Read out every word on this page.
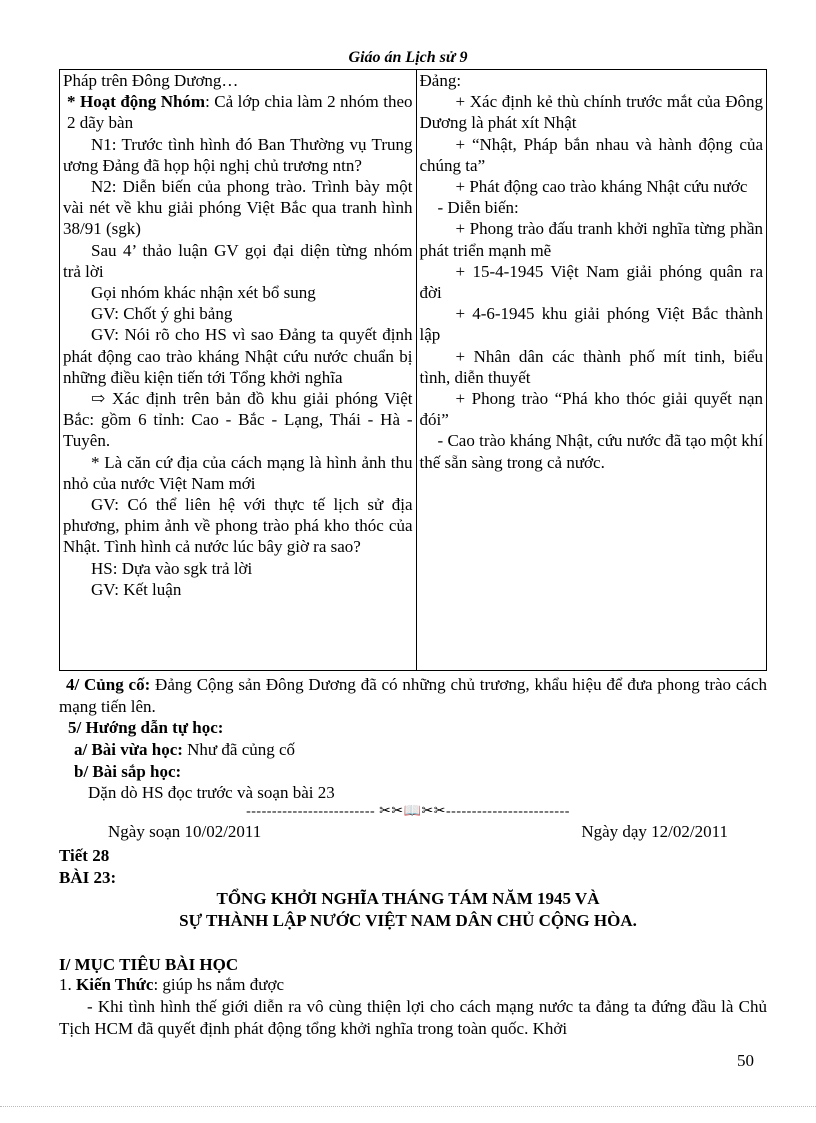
Giáo án Lịch sử 9
Pháp trên Đông Dương…
* Hoạt động Nhóm: Cả lớp chia làm 2 nhóm theo 2 dãy bàn
N1: Trước tình hình đó Ban Thường vụ Trung ương Đảng đã họp hội nghị chủ trương ntn?
N2: Diễn biến của phong trào. Trình bày một vài nét về khu giải phóng Việt Bắc qua tranh hình 38/91 (sgk)
Sau 4’ thảo luận GV gọi đại diện từng nhóm trả lời
Gọi nhóm khác nhận xét bổ sung
GV: Chốt ý ghi bảng
GV: Nói rõ cho HS vì sao Đảng ta quyết định phát động cao trào kháng Nhật cứu nước chuẩn bị những điều kiện tiến tới Tổng khởi nghĩa
⇨ Xác định trên bản đồ khu giải phóng Việt Bắc: gồm 6 tỉnh: Cao - Bắc - Lạng, Thái - Hà - Tuyên.
* Là căn cứ địa của cách mạng là hình ảnh thu nhỏ của nước Việt Nam mới
GV: Có thể liên hệ với thực tế lịch sử địa phương, phim ảnh về phong trào phá kho thóc của Nhật. Tình hình cả nước lúc bây giờ ra sao?
HS: Dựa vào sgk trả lời
GV: Kết luận

Đảng:
+ Xác định kẻ thù chính trước mắt của Đông Dương là phát xít Nhật
+ “Nhật, Pháp bắn nhau và hành động của chúng ta”
+ Phát động cao trào kháng Nhật cứu nước
- Diễn biến:
+ Phong trào đấu tranh khởi nghĩa từng phần phát triển mạnh mẽ
+ 15-4-1945 Việt Nam giải phóng quân ra đời
+ 4-6-1945 khu giải phóng Việt Bắc thành lập
+ Nhân dân các thành phố mít tinh, biểu tình, diễn thuyết
+ Phong trào “Phá kho thóc giải quyết nạn đói”
- Cao trào kháng Nhật, cứu nước đã tạo một khí thế sẵn sàng trong cả nước.
4/ Củng cố: Đảng Cộng sản Đông Dương đã có những chủ trương, khẩu hiệu để đưa phong trào cách mạng tiến lên.
5/ Hướng dẫn tự học:
a/ Bài vừa học: Như đã củng cố
b/ Bài sắp học:
Dặn dò HS đọc trước và soạn bài 23
------------------------- ✂✂📖✂✂------------------------
Ngày soạn 10/02/2011	Ngày dạy 12/02/2011
Tiết 28
BÀI 23:
TỔNG KHỞI NGHĨA THÁNG TÁM NĂM 1945 VÀ
SỰ THÀNH LẬP NƯỚC VIỆT NAM DÂN CHỦ CỘNG HÒA.
I/ MỤC TIÊU BÀI HỌC
1. Kiến Thức: giúp hs nắm được
- Khi tình hình thế giới diễn ra vô cùng thiện lợi cho cách mạng nước ta đảng ta đứng đầu là Chủ Tịch HCM đã quyết định phát động tổng khởi nghĩa trong toàn quốc. Khởi
50
